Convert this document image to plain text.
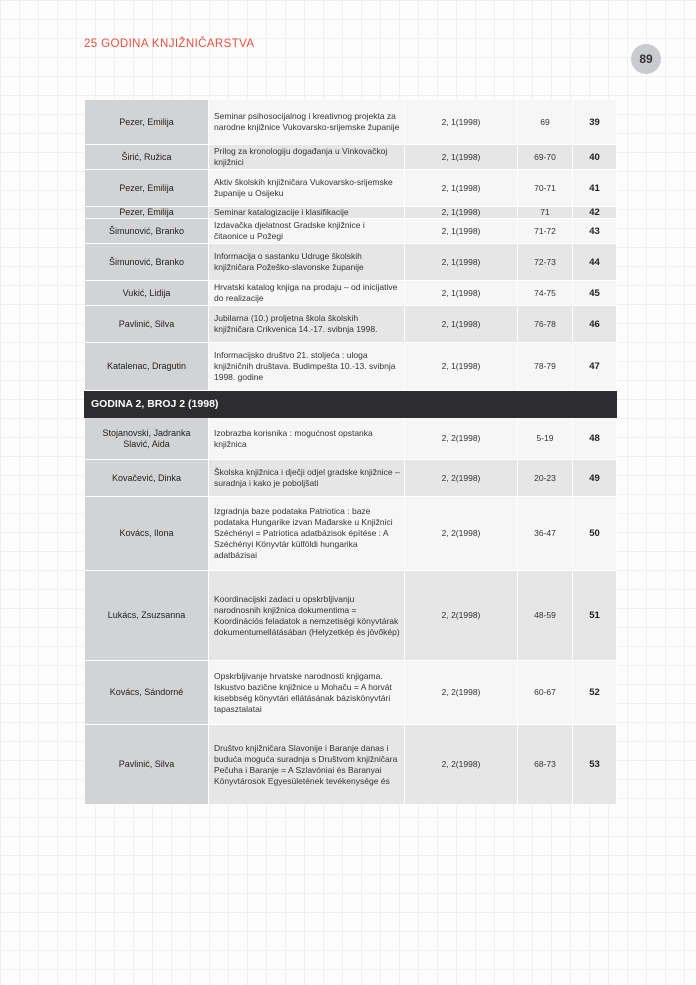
25 GODINA KNJIŽNIČARSTVA
89
Pezer, Emilija	Seminar psihosocijalnog i kreativnog projekta za narodne knjižnice Vukovarsko-srijemske županije	2, 1(1998)	69	39
Širić, Ružica	Prilog za kronologiju događanja u Vinkovačkoj knjižnici	2, 1(1998)	69-70	40
Pezer, Emilija	Aktiv školskih knjižničara Vukovarsko-srijemske županije u Osijeku	2, 1(1998)	70-71	41
Pezer, Emilija	Seminar katalogizacije i klasifikacije	2, 1(1998)	71	42
Šimunović, Branko	Izdavačka djelatnost Gradske knjižnice i čitaonice u Požegi	2, 1(1998)	71-72	43
Šimunović, Branko	Informacija o sastanku Udruge školskih knjižničara Požeško-slavonske županije	2, 1(1998)	72-73	44
Vukić, Lidija	Hrvatski katalog knjiga na prodaju – od inicijative do realizacije	2, 1(1998)	74-75	45
Pavlinić, Silva	Jubilarna (10.) proljetna škola školskih knjižničara Crikvenica 14.-17. svibnja 1998.	2, 1(1998)	76-78	46
Katalenac, Dragutin	Informacijsko društvo 21. stoljeća : uloga knjižničnih društava. Budimpešta 10.-13. svibnja 1998. godine	2, 1(1998)	78-79	47
GODINA 2, BROJ 2 (1998)				
Stojanovski, Jadranka Slavić, Aida	Izobrazba korisnika : mogućnost opstanka knjižnica	2, 2(1998)	5-19	48
Kovačević, Dinka	Školska knjižnica i dječji odjel gradske knjižnice – suradnja i kako je poboljšati	2, 2(1998)	20-23	49
Kovács, Ilona	Izgradnja baze podataka Patriotica : baze podataka Hungarike izvan Mađarske u Knjižnici Széchényi = Patriotica adatbázisok építése : A Széchényi Könyvtár külföldi hungarika adatbázisai	2, 2(1998)	36-47	50
Lukács, Zsuzsanna	Koordinacijski zadaci u opskrbljivanju narodnosnih knjižnica dokumentima = Koordinációs feladatok a nemzetiségi könyvtárak dokumentumellátásában (Helyzetkép és jövőkép)	2, 2(1998)	48-59	51
Kovács, Sándorné	Opskrbljivanje hrvatske narodnosti knjigama. Iskustvo bazične knjižnice u Mohaču = A horvát kisebbség könyvtári ellátásának báziskönyvtári tapasztalatai	2, 2(1998)	60-67	52
Pavlinić, Silva	Društvo knjižničara Slavonije i Baranje danas i buduća moguća suradnja s Društvom knjižničara Pečuha i Baranje = A Szlavóniai és Baranyai Könyvtárosok Egyesületének tevékenysége és	2, 2(1998)	68-73	53
